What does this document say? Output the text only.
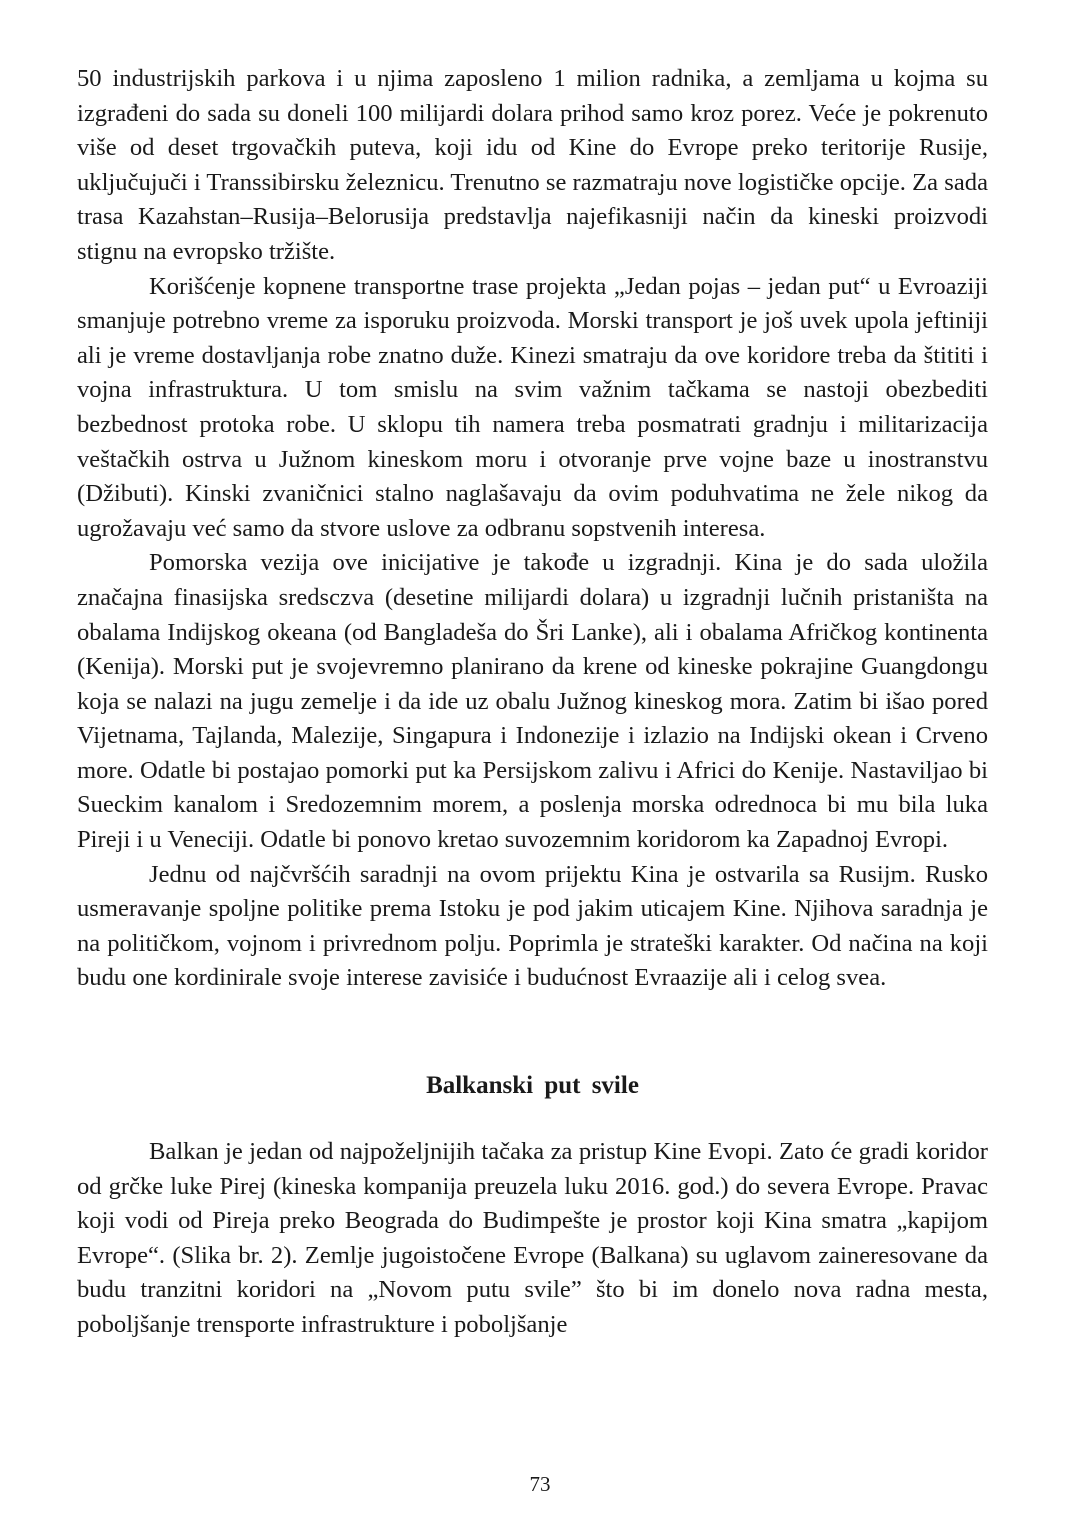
50 industrijskih parkova i u njima zaposleno 1 milion radnika, a zemljama u kojma su izgrađeni do sada su doneli 100 milijardi dolara prihod samo kroz porez. Veće je pokrenuto više od deset trgovačkih puteva, koji idu od Kine do Evrope preko teritorije Rusije, uključujuči i Transsibirsku železnicu. Trenutno se razmatraju nove logističke opcije. Za sada trasa Kazahstan–Rusija–Belorusija predstavlja najefikasniji način da kineski proizvodi stignu na evropsko tržište.

Korišćenje kopnene transportne trase projekta „Jedan pojas – jedan put“ u Evroaziji smanjuje potrebno vreme za isporuku proizvoda. Morski transport je još uvek upola jeftiniji ali je vreme dostavljanja robe znatno duže. Kinezi smatraju da ove koridore treba da štititi i vojna infrastruktura. U tom smislu na svim važnim tačkama se nastoji obezbediti bezbednost protoka robe. U sklopu tih namera treba posmatrati gradnju i militarizacija veštačkih ostrva u Južnom kineskom moru i otvoranje prve vojne baze u inostranstvu (Džibuti). Kinski zvaničnici stalno naglašavaju da ovim poduhvatima ne žele nikog da ugrožavaju već samo da stvore uslove za odbranu sopstvenih interesa.

Pomorska vezija ove inicijative je takođe u izgradnji. Kina je do sada uložila značajna finasijska sredsczva (desetine milijardi dolara) u izgradnji lučnih pristaništa na obalama Indijskog okeana (od Bangladeša do Šri Lanke), ali i obalama Afričkog kontinenta (Kenija). Morski put je svojevremno planirano da krene od kineske pokrajine Guangdongu koja se nalazi na jugu zemelje i da ide uz obalu Južnog kineskog mora. Zatim bi išao pored Vijetnama, Tajlanda, Malezije, Singapura i Indonezije i izlazio na Indijski okean i Crveno more. Odatle bi postajao pomorki put ka Persijskom zalivu i Africi do Kenije. Nastaviljao bi Sueckim kanalom i Sredozemnim morem, a poslenja morska odrednoca bi mu bila luka Pireji i u Veneciji. Odatle bi ponovo kretao suvozemnim koridorom ka Zapadnoj Evropi.

Jednu od najčvršćih saradnji na ovom prijektu Kina je ostvarila sa Rusijm. Rusko usmeravanje spoljne politike prema Istoku je pod jakim uticajem Kine. Njihova saradnja je na političkom, vojnom i privrednom polju. Poprimla je strateški karakter. Od načina na koji budu one kordinirale svoje interese zavisiće i budućnost Evraazije ali i celog svea.

Balkanski put svile

Balkan je jedan od najpoželjnijih tačaka za pristup Kine Evopi. Zato će gradi koridor od grčke luke Pirej (kineska kompanija preuzela luku 2016. god.) do severa Evrope. Pravac koji vodi od Pireja preko Beograda do Budimpešte je prostor koji Kina smatra „kapijom Evrope“. (Slika br. 2). Zemlje jugoistočene Evrope (Balkana) su uglavom zaineresovane da budu tranzitni koridori na „Novom putu svile” što bi im donelo nova radna mesta, poboljšanje trensporte infrastrukture i poboljšanje

73
